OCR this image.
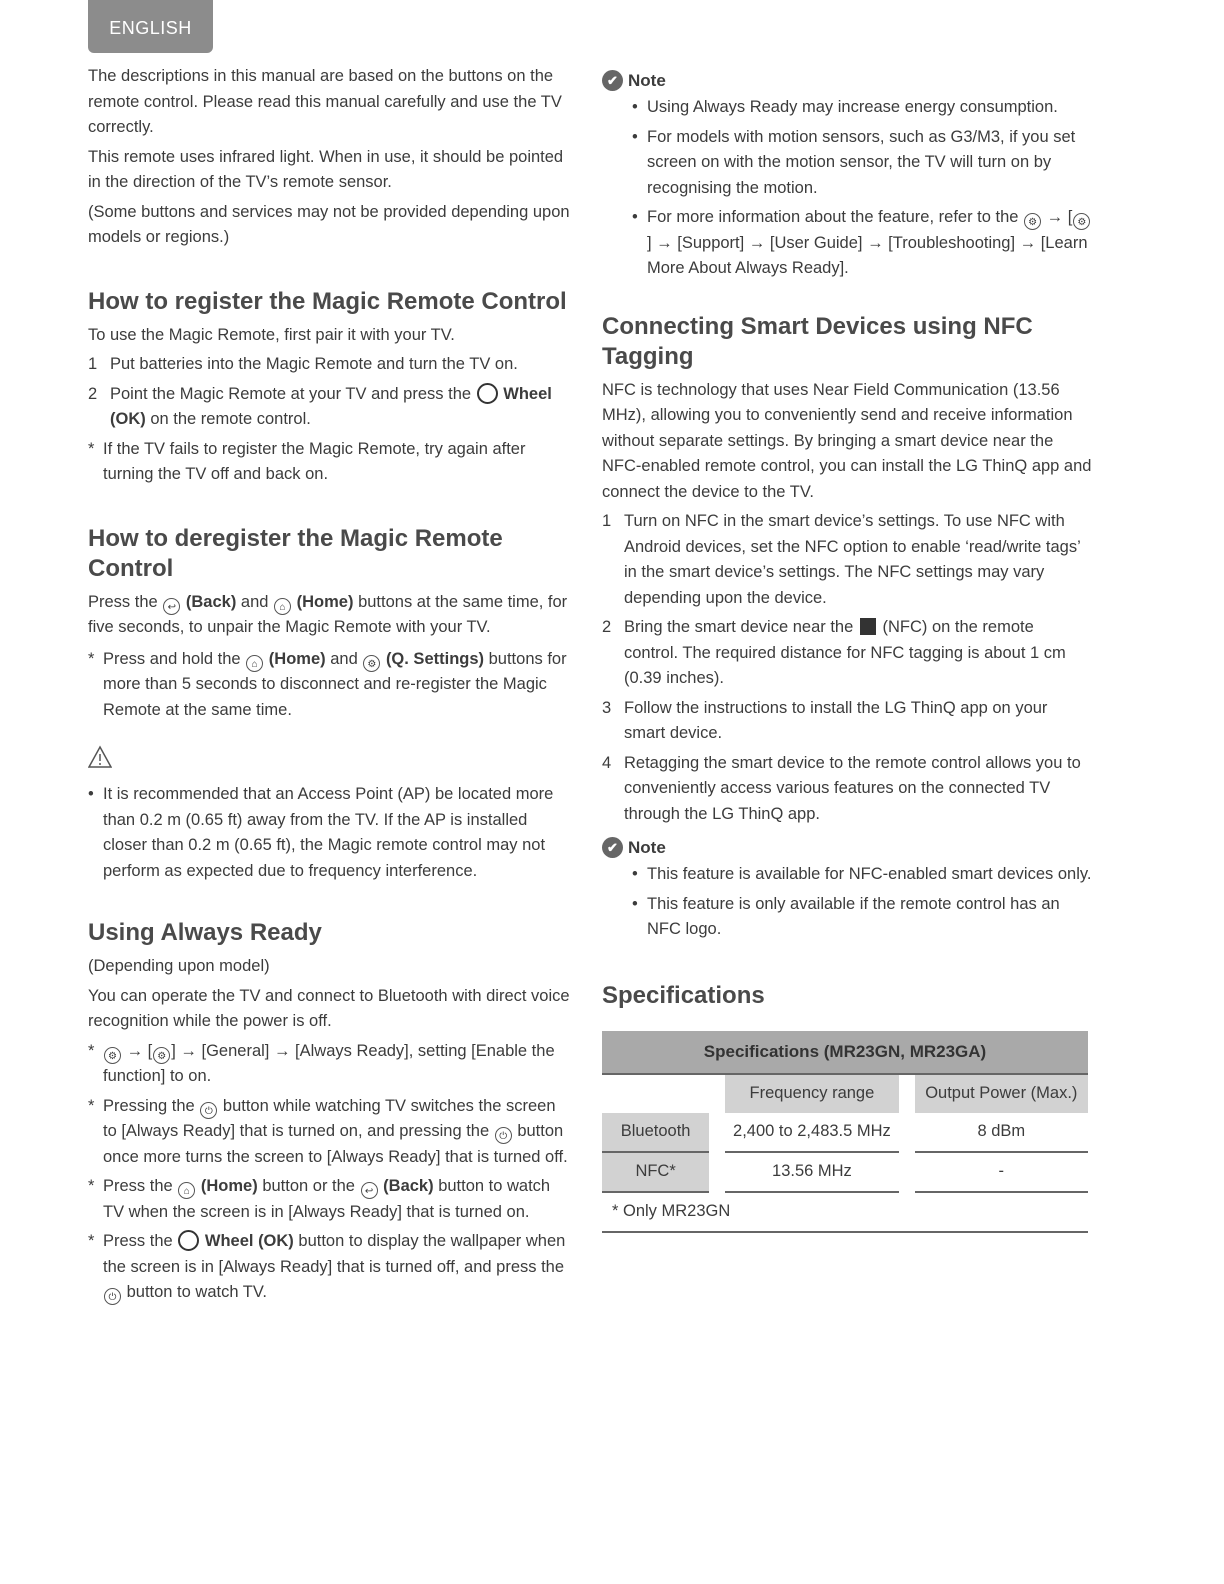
ENGLISH

The descriptions in this manual are based on the buttons on the remote control. Please read this manual carefully and use the TV correctly.

This remote uses infrared light. When in use, it should be pointed in the direction of the TV’s remote sensor.

(Some buttons and services may not be provided depending upon models or regions.)

How to register the Magic Remote Control

To use the Magic Remote, first pair it with your TV.

1 Put batteries into the Magic Remote and turn the TV on.
2 Point the Magic Remote at your TV and press the Wheel (OK) on the remote control.
* If the TV fails to register the Magic Remote, try again after turning the TV off and back on.
How to deregister the Magic Remote Control

Press the ↩ (Back) and ⌂ (Home) buttons at the same time, for five seconds, to unpair the Magic Remote with your TV.

* Press and hold the ⌂ (Home) and ⚙ (Q. Settings) buttons for more than 5 seconds to disconnect and re-register the Magic Remote at the same time.
• It is recommended that an Access Point (AP) be located more than 0.2 m (0.65 ft) away from the TV. If the AP is installed closer than 0.2 m (0.65 ft), the Magic remote control may not perform as expected due to frequency interference.
Using Always Ready

(Depending upon model)

You can operate the TV and connect to Bluetooth with direct voice recognition while the power is off.

*	⚙ → [ ⚙ ] → [General] → [Always Ready], setting [Enable the function] to on.
* Pressing the ⏻ button while watching TV switches the screen to [Always Ready] that is turned on, and pressing the ⏻ button once more turns the screen to [Always Ready] that is turned off.
* Press the ⌂ (Home) button or the ↩ (Back) button to watch TV when the screen is in [Always Ready] that is turned on.
* Press the Wheel (OK) button to display the wallpaper when the screen is in [Always Ready] that is turned off, and press the ⏻ button to watch TV.
✔ Note
• Using Always Ready may increase energy consumption.
• For models with motion sensors, such as G3/M3, if you set screen on with the motion sensor, the TV will turn on by recognising the motion.
• For more information about the feature, refer to the ⚙ → [ ⚙] → [Support] → [User Guide] → [Troubleshooting] → [Learn More About Always Ready].
Connecting Smart Devices using NFC Tagging

NFC is technology that uses Near Field Communication (13.56 MHz), allowing you to conveniently send and receive information without separate settings. By bringing a smart device near the NFC-enabled remote control, you can install the LG ThinQ app and connect the device to the TV.

1 Turn on NFC in the smart device’s settings. To use NFC with Android devices, set the NFC option to enable ‘read/write tags’ in the smart device’s settings. The NFC settings may vary depending upon the device.
2 Bring the smart device near the (NFC) on the remote control. The required distance for NFC tagging is about 1 cm (0.39 inches).
3 Follow the instructions to install the LG ThinQ app on your smart device.
4 Retagging the smart device to the remote control allows you to conveniently access various features on the connected TV through the LG ThinQ app.
✔ Note
• This feature is available for NFC-enabled smart devices only.
• This feature is only available if the remote control has an NFC logo.
Specifications
Specifications (MR23GN, MR23GA)				
		Frequency range		Output Power (Max.)
Bluetooth		2,400 to 2,483.5 MHz		8 dBm
NFC*		13.56 MHz		-
* Only MR23GN				
